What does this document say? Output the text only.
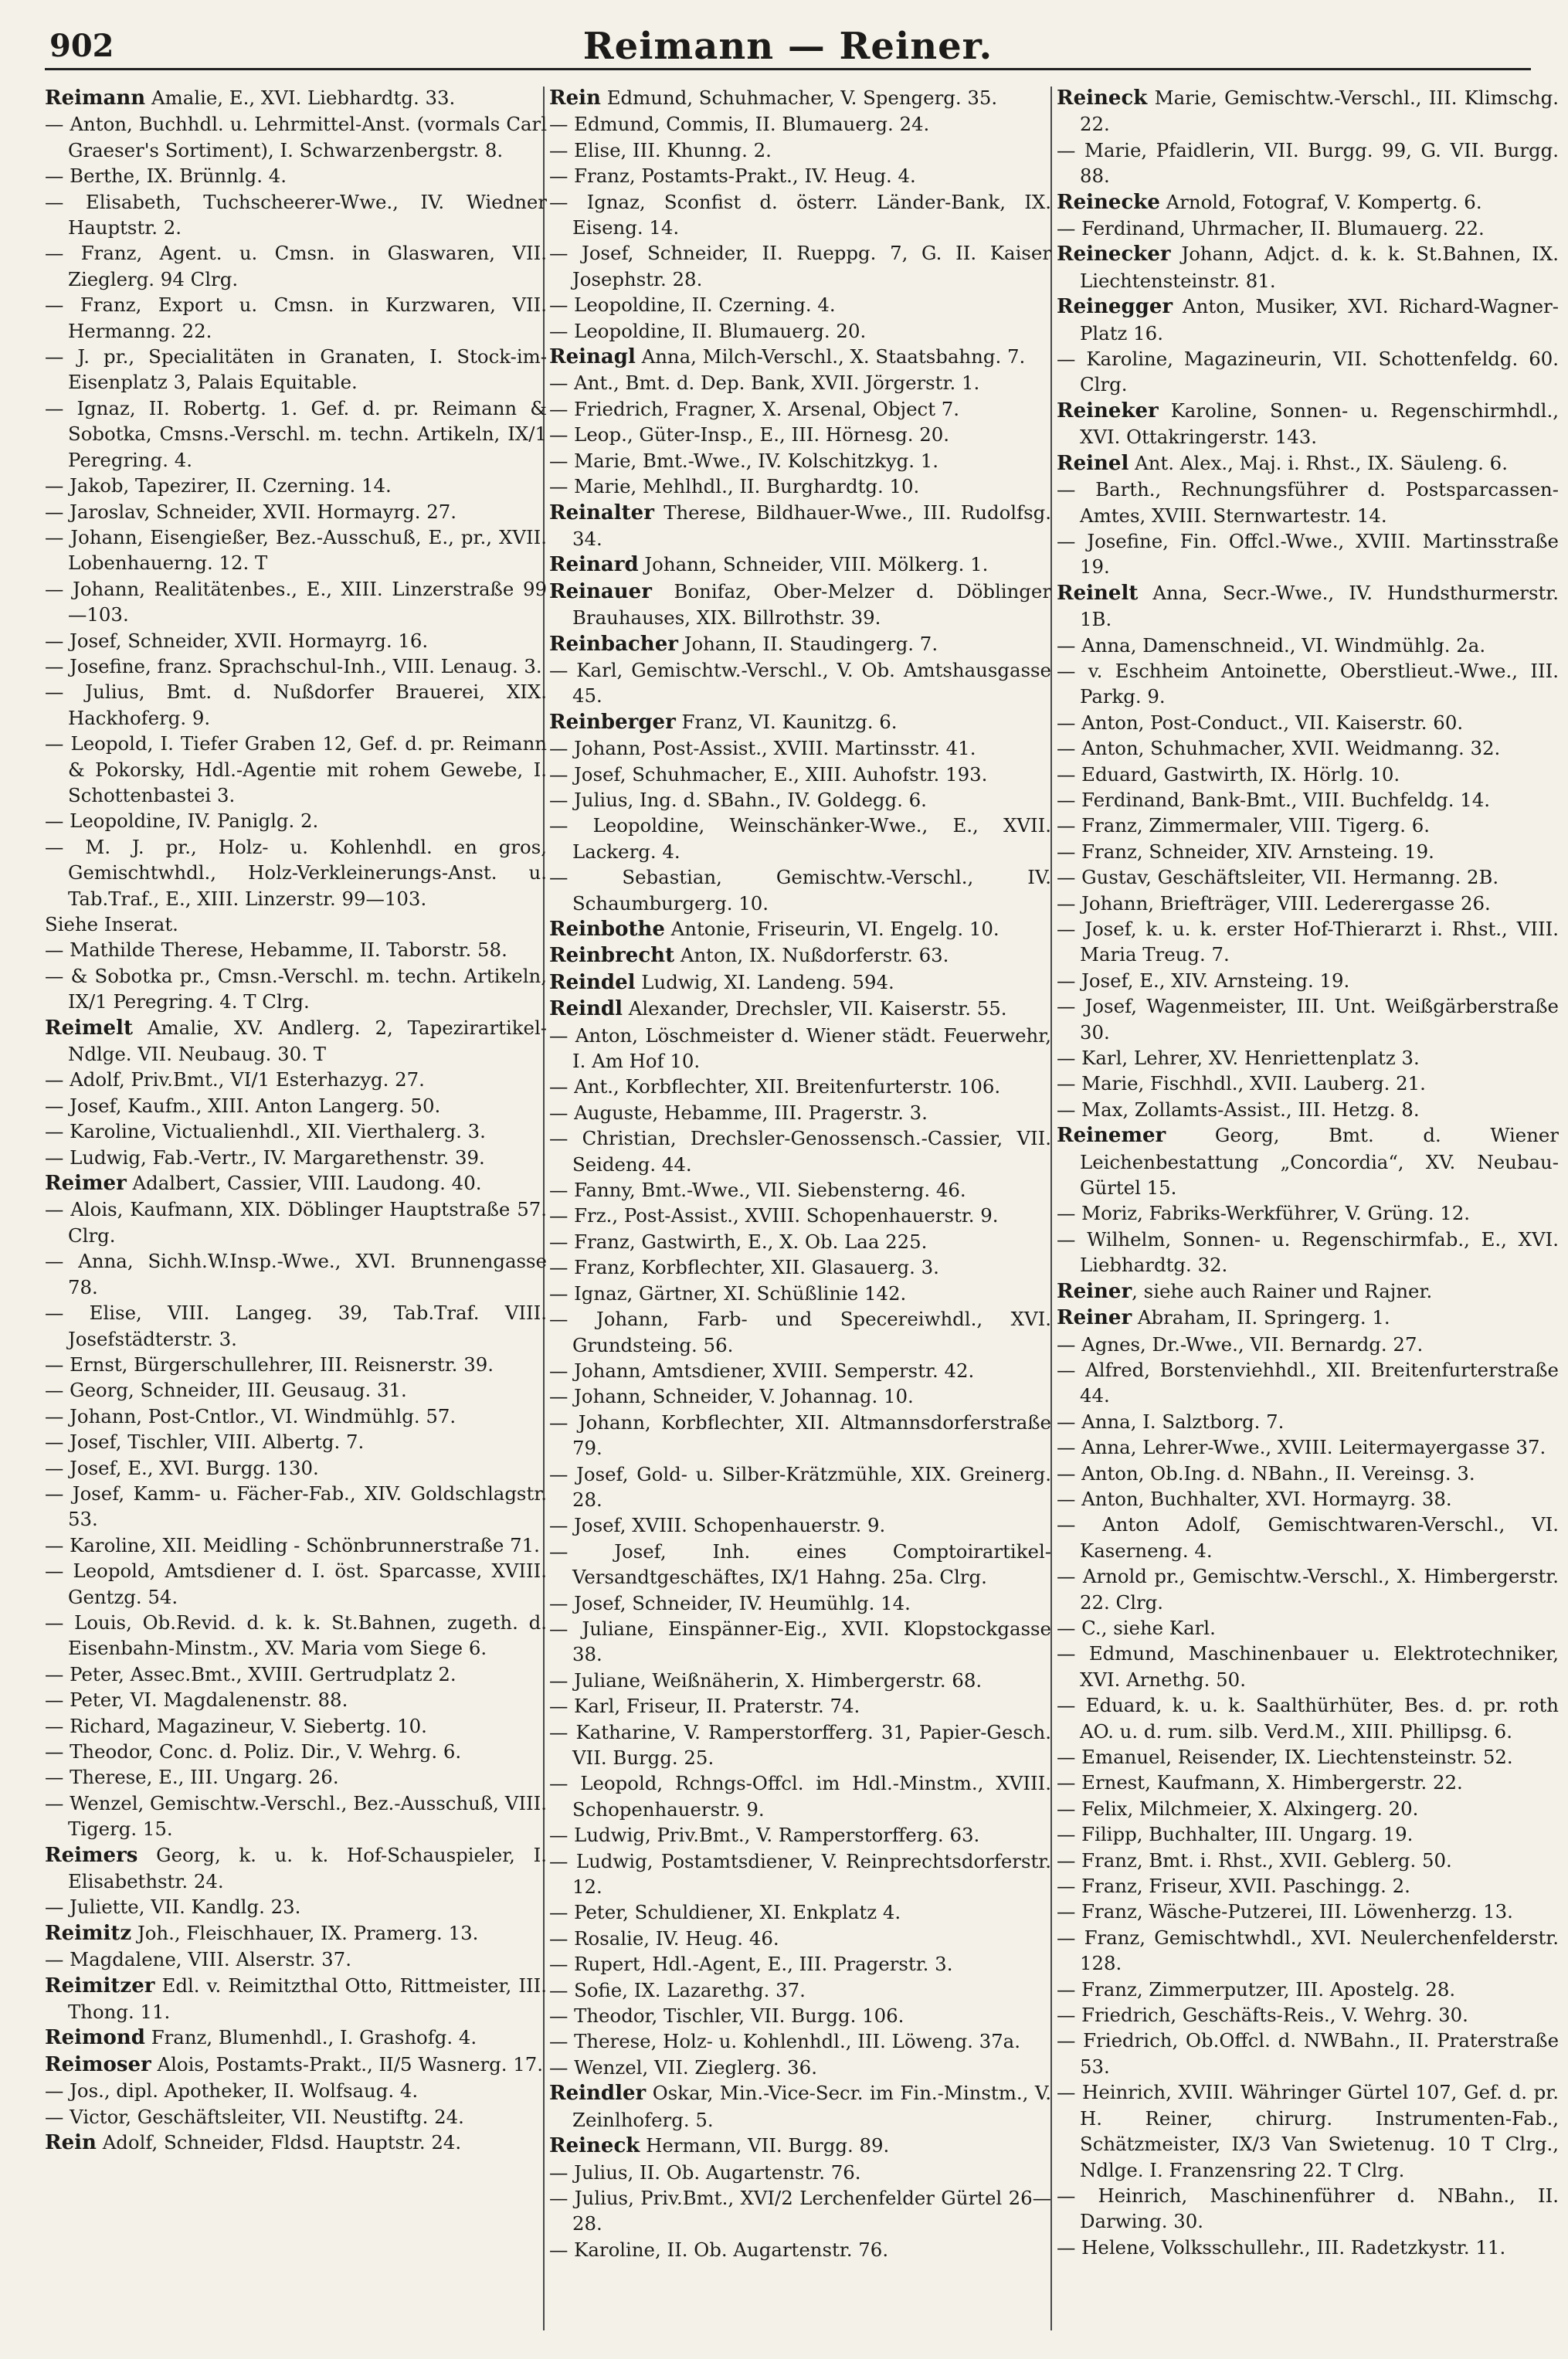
902	Reimann — Reiner.
Reimann Amalie, E., XVI. Liebhardtg. 33.
— Anton, Buchhdl. u. Lehrmittel-Anst. (vormals Carl Graeser's Sortiment), I. Schwarzenbergstr. 8.
— Berthe, IX. Brünnlg. 4.
— Elisabeth, Tuchscheerer-Wwe., IV. Wiedner Hauptstr. 2.
— Franz, Agent. u. Cmsn. in Glaswaren, VII. Zieglerg. 94 Clrg.
— Franz, Export u. Cmsn. in Kurzwaren, VII. Hermanng. 22.
— J. pr., Specialitäten in Granaten, I. Stock-im-Eisenplatz 3, Palais Equitable.
— Ignaz, II. Robertg. 1. Gef. d. pr. Reimann & Sobotka, Cmsns.-Verschl. m. techn. Artikeln, IX/1 Peregring. 4.
— Jakob, Tapezirer, II. Czerning. 14.
— Jaroslav, Schneider, XVII. Hormayrg. 27.
— Johann, Eisengießer, Bez.-Ausschuß, E., pr., XVII. Lobenhauerng. 12. T
— Johann, Realitätenbes., E., XIII. Linzerstraße 99—103.
— Josef, Schneider, XVII. Hormayrg. 16.
— Josefine, franz. Sprachschul-Inh., VIII. Lenaug. 3.
— Julius, Bmt. d. Nußdorfer Brauerei, XIX. Hackhoferg. 9.
— Leopold, I. Tiefer Graben 12, Gef. d. pr. Reimann & Pokorsky, Hdl.-Agentie mit rohem Gewebe, I. Schottenbastei 3.
— Leopoldine, IV. Paniglg. 2.
— M. J. pr., Holz- u. Kohlenhdl. en gros, Gemischtwhdl., Holz-Verkleinerungs-Anst. u. Tab.Traf., E., XIII. Linzerstr. 99—103.
Siehe Inserat.
— Mathilde Therese, Hebamme, II. Taborstr. 58.
— & Sobotka pr., Cmsn.-Verschl. m. techn. Artikeln, IX/1 Peregring. 4. T Clrg.
Reimelt Amalie, XV. Andlerg. 2, Tapezirartikel-Ndlge. VII. Neubaug. 30. T
— Adolf, Priv.Bmt., VI/1 Esterhazyg. 27.
— Josef, Kaufm., XIII. Anton Langerg. 50.
— Karoline, Victualienhdl., XII. Vierthalerg. 3.
— Ludwig, Fab.-Vertr., IV. Margarethenstr. 39.
Reimer Adalbert, Cassier, VIII. Laudong. 40.
— Alois, Kaufmann, XIX. Döblinger Hauptstraße 57. Clrg.
— Anna, Sichh.W.Insp.-Wwe., XVI. Brunnengasse 78.
— Elise, VIII. Langeg. 39, Tab.Traf. VIII. Josefstädterstr. 3.
— Ernst, Bürgerschullehrer, III. Reisnerstr. 39.
— Georg, Schneider, III. Geusaug. 31.
— Johann, Post-Cntlor., VI. Windmühlg. 57.
— Josef, Tischler, VIII. Albertg. 7.
— Josef, E., XVI. Burgg. 130.
— Josef, Kamm- u. Fächer-Fab., XIV. Goldschlagstr. 53.
— Karoline, XII. Meidling - Schönbrunnerstraße 71.
— Leopold, Amtsdiener d. I. öst. Sparcasse, XVIII. Gentzg. 54.
— Louis, Ob.Revid. d. k. k. St.Bahnen, zugeth. d. Eisenbahn-Minstm., XV. Maria vom Siege 6.
— Peter, Assec.Bmt., XVIII. Gertrudplatz 2.
— Peter, VI. Magdalenenstr. 88.
— Richard, Magazineur, V. Siebertg. 10.
— Theodor, Conc. d. Poliz. Dir., V. Wehrg. 6.
— Therese, E., III. Ungarg. 26.
— Wenzel, Gemischtw.-Verschl., Bez.-Ausschuß, VIII. Tigerg. 15.
Reimers Georg, k. u. k. Hof-Schauspieler, I. Elisabethstr. 24.
— Juliette, VII. Kandlg. 23.
Reimitz Joh., Fleischhauer, IX. Pramerg. 13.
— Magdalene, VIII. Alserstr. 37.
Reimitzer Edl. v. Reimitzthal Otto, Rittmeister, III. Thong. 11.
Reimond Franz, Blumenhdl., I. Grashofg. 4.
Reimoser Alois, Postamts-Prakt., II/5 Wasnerg. 17.
— Jos., dipl. Apotheker, II. Wolfsaug. 4.
— Victor, Geschäftsleiter, VII. Neustiftg. 24.
Rein Adolf, Schneider, Fldsd. Hauptstr. 24.
Rein Edmund, Schuhmacher, V. Spengerg. 35.
— Edmund, Commis, II. Blumauerg. 24.
— Elise, III. Khunng. 2.
— Franz, Postamts-Prakt., IV. Heug. 4.
— Ignaz, Sconfist d. österr. Länder-Bank, IX. Eiseng. 14.
— Josef, Schneider, II. Rueppg. 7, G. II. Kaiser Josephstr. 28.
— Leopoldine, II. Czerning. 4.
— Leopoldine, II. Blumauerg. 20.
Reinagl Anna, Milch-Verschl., X. Staatsbahng. 7.
— Ant., Bmt. d. Dep. Bank, XVII. Jörgerstr. 1.
— Friedrich, Fragner, X. Arsenal, Object 7.
— Leop., Güter-Insp., E., III. Hörnesg. 20.
— Marie, Bmt.-Wwe., IV. Kolschitzkyg. 1.
— Marie, Mehlhdl., II. Burghardtg. 10.
Reinalter Therese, Bildhauer-Wwe., III. Rudolfsg. 34.
Reinard Johann, Schneider, VIII. Mölkerg. 1.
Reinauer Bonifaz, Ober-Melzer d. Döblinger Brauhauses, XIX. Billrothstr. 39.
Reinbacher Johann, II. Staudingerg. 7.
— Karl, Gemischtw.-Verschl., V. Ob. Amtshausgasse 45.
Reinberger Franz, VI. Kaunitzg. 6.
— Johann, Post-Assist., XVIII. Martinsstr. 41.
— Josef, Schuhmacher, E., XIII. Auhofstr. 193.
— Julius, Ing. d. SBahn., IV. Goldegg. 6.
— Leopoldine, Weinschänker-Wwe., E., XVII. Lackerg. 4.
— Sebastian, Gemischtw.-Verschl., IV. Schaumburgerg. 10.
Reinbothe Antonie, Friseurin, VI. Engelg. 10.
Reinbrecht Anton, IX. Nußdorferstr. 63.
Reindel Ludwig, XI. Landeng. 594.
Reindl Alexander, Drechsler, VII. Kaiserstr. 55.
— Anton, Löschmeister d. Wiener städt. Feuerwehr, I. Am Hof 10.
— Ant., Korbflechter, XII. Breitenfurterstr. 106.
— Auguste, Hebamme, III. Pragerstr. 3.
— Christian, Drechsler-Genossensch.-Cassier, VII. Seideng. 44.
— Fanny, Bmt.-Wwe., VII. Siebensterng. 46.
— Frz., Post-Assist., XVIII. Schopenhauerstr. 9.
— Franz, Gastwirth, E., X. Ob. Laa 225.
— Franz, Korbflechter, XII. Glasauerg. 3.
— Ignaz, Gärtner, XI. Schüßlinie 142.
— Johann, Farb- und Specereiwhdl., XVI. Grundsteing. 56.
— Johann, Amtsdiener, XVIII. Semperstr. 42.
— Johann, Schneider, V. Johannag. 10.
— Johann, Korbflechter, XII. Altmannsdorferstraße 79.
— Josef, Gold- u. Silber-Krätzmühle, XIX. Greinerg. 28.
— Josef, XVIII. Schopenhauerstr. 9.
— Josef, Inh. eines Comptoirartikel-Versandtgeschäftes, IX/1 Hahng. 25a. Clrg.
— Josef, Schneider, IV. Heumühlg. 14.
— Juliane, Einspänner-Eig., XVII. Klopstockgasse 38.
— Juliane, Weißnäherin, X. Himbergerstr. 68.
— Karl, Friseur, II. Praterstr. 74.
— Katharine, V. Ramperstorfferg. 31, Papier-Gesch. VII. Burgg. 25.
— Leopold, Rchngs-Offcl. im Hdl.-Minstm., XVIII. Schopenhauerstr. 9.
— Ludwig, Priv.Bmt., V. Ramperstorfferg. 63.
— Ludwig, Postamtsdiener, V. Reinprechtsdorferstr. 12.
— Peter, Schuldiener, XI. Enkplatz 4.
— Rosalie, IV. Heug. 46.
— Rupert, Hdl.-Agent, E., III. Pragerstr. 3.
— Sofie, IX. Lazarethg. 37.
— Theodor, Tischler, VII. Burgg. 106.
— Therese, Holz- u. Kohlenhdl., III. Löweng. 37a.
— Wenzel, VII. Zieglerg. 36.
Reindler Oskar, Min.-Vice-Secr. im Fin.-Minstm., V. Zeinlhoferg. 5.
Reineck Hermann, VII. Burgg. 89.
— Julius, II. Ob. Augartenstr. 76.
— Julius, Priv.Bmt., XVI/2 Lerchenfelder Gürtel 26—28.
— Karoline, II. Ob. Augartenstr. 76.
Reineck Marie, Gemischtw.-Verschl., III. Klimschg. 22.
— Marie, Pfaidlerin, VII. Burgg. 99, G. VII. Burgg. 88.
Reinecke Arnold, Fotograf, V. Kompertg. 6.
— Ferdinand, Uhrmacher, II. Blumauerg. 22.
Reinecker Johann, Adjct. d. k. k. St.Bahnen, IX. Liechtensteinstr. 81.
Reinegger Anton, Musiker, XVI. Richard-Wagner-Platz 16.
— Karoline, Magazineurin, VII. Schottenfeldg. 60. Clrg.
Reineker Karoline, Sonnen- u. Regenschirmhdl., XVI. Ottakringerstr. 143.
Reinel Ant. Alex., Maj. i. Rhst., IX. Säuleng. 6.
— Barth., Rechnungsführer d. Postsparcassen-Amtes, XVIII. Sternwartestr. 14.
— Josefine, Fin. Offcl.-Wwe., XVIII. Martinsstraße 19.
Reinelt Anna, Secr.-Wwe., IV. Hundsthurmerstr. 1B.
— Anna, Damenschneid., VI. Windmühlg. 2a.
— v. Eschheim Antoinette, Oberstlieut.-Wwe., III. Parkg. 9.
— Anton, Post-Conduct., VII. Kaiserstr. 60.
— Anton, Schuhmacher, XVII. Weidmanng. 32.
— Eduard, Gastwirth, IX. Hörlg. 10.
— Ferdinand, Bank-Bmt., VIII. Buchfeldg. 14.
— Franz, Zimmermaler, VIII. Tigerg. 6.
— Franz, Schneider, XIV. Arnsteing. 19.
— Gustav, Geschäftsleiter, VII. Hermanng. 2B.
— Johann, Briefträger, VIII. Lederergasse 26.
— Josef, k. u. k. erster Hof-Thierarzt i. Rhst., VIII. Maria Treug. 7.
— Josef, E., XIV. Arnsteing. 19.
— Josef, Wagenmeister, III. Unt. Weißgärberstraße 30.
— Karl, Lehrer, XV. Henriettenplatz 3.
— Marie, Fischhdl., XVII. Lauberg. 21.
— Max, Zollamts-Assist., III. Hetzg. 8.
Reinemer Georg, Bmt. d. Wiener Leichenbestattung „Concordia“, XV. Neubau-Gürtel 15.
— Moriz, Fabriks-Werkführer, V. Grüng. 12.
— Wilhelm, Sonnen- u. Regenschirmfab., E., XVI. Liebhardtg. 32.
Reiner, siehe auch Rainer und Rajner.
Reiner Abraham, II. Springerg. 1.
— Agnes, Dr.-Wwe., VII. Bernardg. 27.
— Alfred, Borstenviehhdl., XII. Breitenfurterstraße 44.
— Anna, I. Salztborg. 7.
— Anna, Lehrer-Wwe., XVIII. Leitermayergasse 37.
— Anton, Ob.Ing. d. NBahn., II. Vereinsg. 3.
— Anton, Buchhalter, XVI. Hormayrg. 38.
— Anton Adolf, Gemischtwaren-Verschl., VI. Kaserneng. 4.
— Arnold pr., Gemischtw.-Verschl., X. Himbergerstr. 22. Clrg.
— C., siehe Karl.
— Edmund, Maschinenbauer u. Elektrotechniker, XVI. Arnethg. 50.
— Eduard, k. u. k. Saalthürhüter, Bes. d. pr. roth AO. u. d. rum. silb. Verd.M., XIII. Phillipsg. 6.
— Emanuel, Reisender, IX. Liechtensteinstr. 52.
— Ernest, Kaufmann, X. Himbergerstr. 22.
— Felix, Milchmeier, X. Alxingerg. 20.
— Filipp, Buchhalter, III. Ungarg. 19.
— Franz, Bmt. i. Rhst., XVII. Geblerg. 50.
— Franz, Friseur, XVII. Paschingg. 2.
— Franz, Wäsche-Putzerei, III. Löwenherzg. 13.
— Franz, Gemischtwhdl., XVI. Neulerchenfelderstr. 128.
— Franz, Zimmerputzer, III. Apostelg. 28.
— Friedrich, Geschäfts-Reis., V. Wehrg. 30.
— Friedrich, Ob.Offcl. d. NWBahn., II. Praterstraße 53.
— Heinrich, XVIII. Währinger Gürtel 107, Gef. d. pr. H. Reiner, chirurg. Instrumenten-Fab., Schätzmeister, IX/3 Van Swietenug. 10 T Clrg., Ndlge. I. Franzensring 22. T Clrg.
— Heinrich, Maschinenführer d. NBahn., II. Darwing. 30.
— Helene, Volksschullehr., III. Radetzkystr. 11.
